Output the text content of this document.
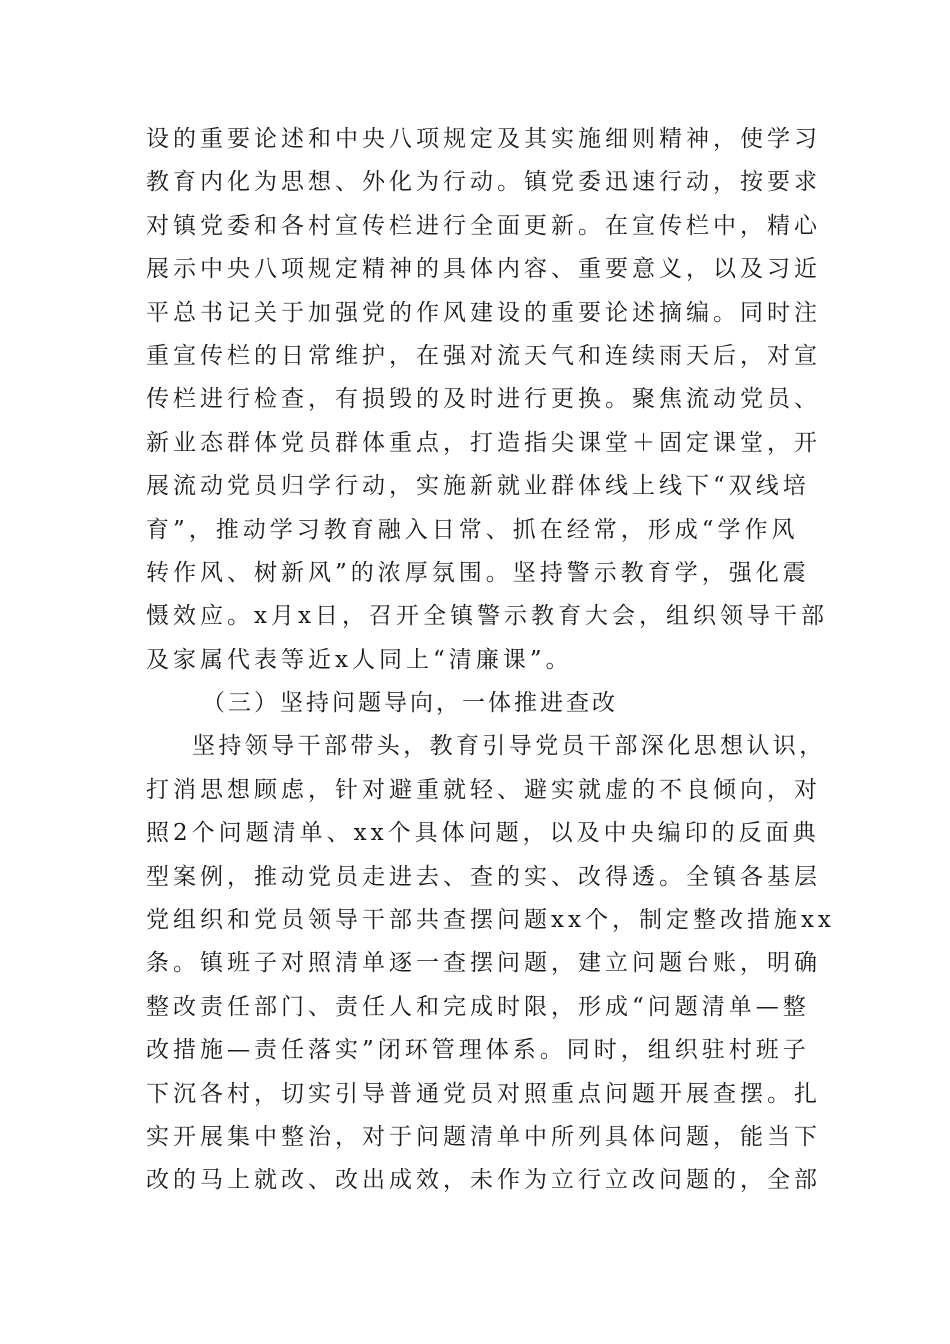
设的重要论述和中央八项规定及其实施细则精神，使学习
教育内化为思想、外化为行动。镇党委迅速行动，按要求
对镇党委和各村宣传栏进行全面更新。在宣传栏中，精心
展示中央八项规定精神的具体内容、重要意义，以及习近
平总书记关于加强党的作风建设的重要论述摘编。同时注
重宣传栏的日常维护，在强对流天气和连续雨天后，对宣
传栏进行检查，有损毁的及时进行更换。聚焦流动党员、
新业态群体党员群体重点，打造指尖课堂＋固定课堂，开
展流动党员归学行动，实施新就业群体线上线下“双线培
育”，推动学习教育融入日常、抓在经常，形成“学作风
转作风、树新风”的浓厚氛围。坚持警示教育学，强化震
慑效应。x月x日，召开全镇警示教育大会，组织领导干部
及家属代表等近x人同上“清廉课”。
（三）坚持问题导向，一体推进查改
坚持领导干部带头，教育引导党员干部深化思想认识，
打消思想顾虑，针对避重就轻、避实就虚的不良倾向，对
照2个问题清单、xx个具体问题，以及中央编印的反面典
型案例，推动党员走进去、查的实、改得透。全镇各基层
党组织和党员领导干部共查摆问题xx个，制定整改措施xx
条。镇班子对照清单逐一查摆问题，建立问题台账，明确
整改责任部门、责任人和完成时限，形成“问题清单—整
改措施—责任落实”闭环管理体系。同时，组织驻村班子
下沉各村，切实引导普通党员对照重点问题开展查摆。扎
实开展集中整治，对于问题清单中所列具体问题，能当下
改的马上就改、改出成效，未作为立行立改问题的，全部
